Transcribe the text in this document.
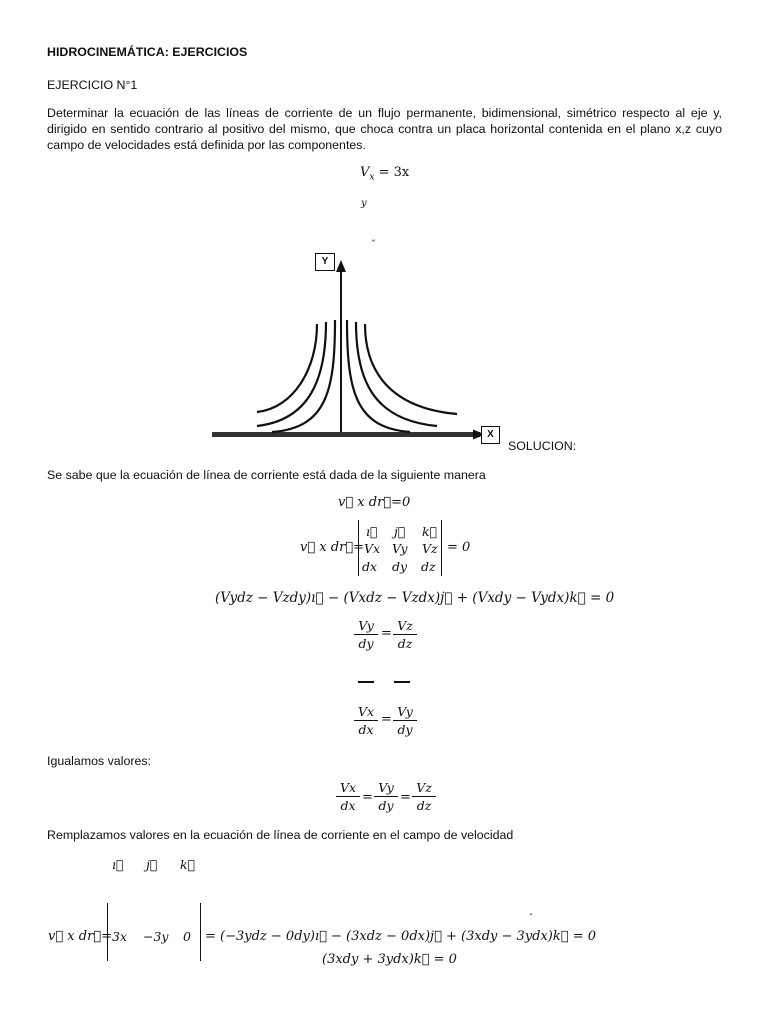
HIDROCINEMÁTICA: EJERCICIOS
EJERCICIO N°1
Determinar la ecuación de las líneas de corriente de un flujo permanente, bidimensional, simétrico respecto al eje y, dirigido en sentido contrario al positivo del mismo, que choca contra un placa horizontal contenida en el plano x,z cuyo campo de velocidades está definida por las componentes.
$V_x = 3x$
y
ˇ
Y
X
SOLUCION:
Se sabe que la ecuación de línea de corriente está dada de la siguiente manera
v⃗ x dr⃗=0
v⃗ x dr⃗=
ı⃗ j⃗ k⃗
Vx Vy Vz
dx dy dz
= 0
(Vydz − Vzdy)ı⃗ − (Vxdz − Vzdx)j⃗ + (Vxdy − Vydx)k⃗ = 0
$\frac{Vy}{dy} = \frac{Vz}{dz}$
$\frac{Vx}{dx} = \frac{Vy}{dy}$
Igualamos valores:
$\frac{Vx}{dx} = \frac{Vy}{dy} = \frac{Vz}{dz}$
Remplazamos valores en la ecuación de línea de corriente en el campo de velocidad
ı⃗ j⃗ k⃗
v⃗ x dr⃗= 3x −3y 0 = (−3ydz − 0dy)ı⃗ − (3xdz − 0dx)j⃗ + (3xdy − 3ydx)k⃗ = 0
ˇ
(3xdy + 3ydx)k⃗ = 0
